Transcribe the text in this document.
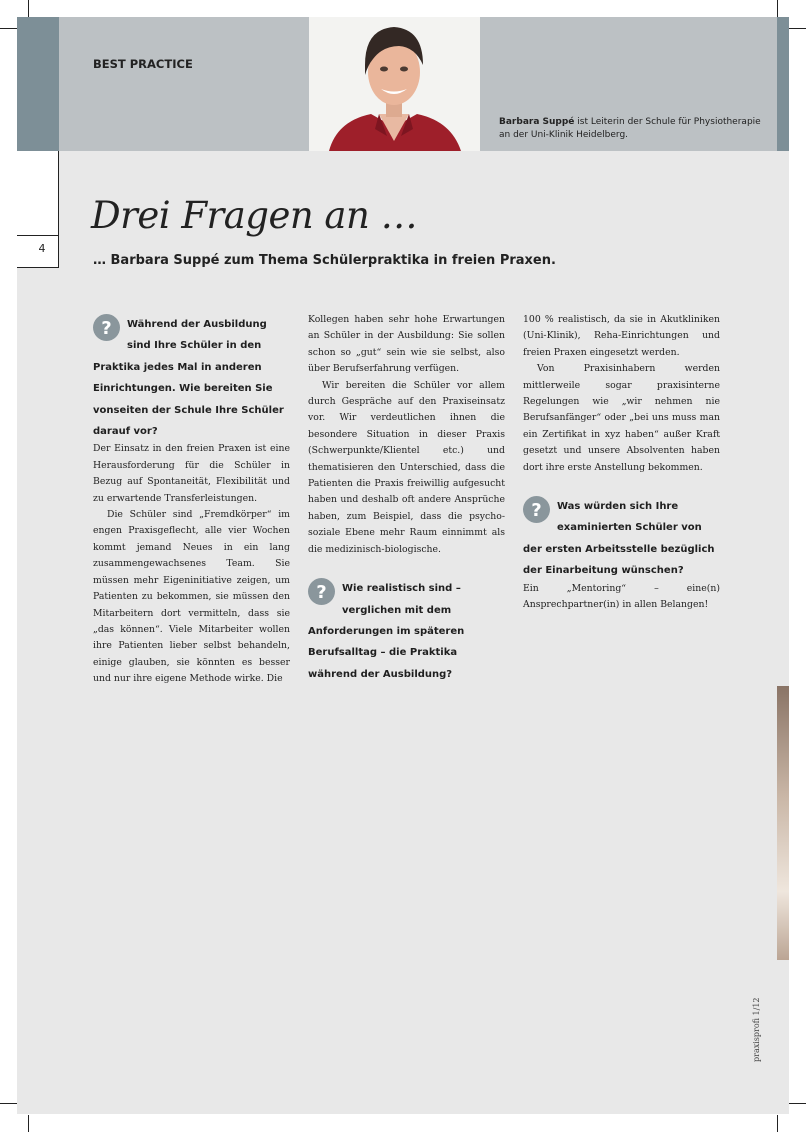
BEST PRACTICE

Barbara Suppé ist Leiterin der Schule für Physiotherapie an der Uni-Klinik Heidelberg.

4
Drei Fragen an …
… Barbara Suppé zum Thema Schülerpraktika in freien Praxen.
? Während der Ausbildung sind Ihre Schüler in den Praktika jedes Mal in anderen Einrichtungen. Wie bereiten Sie vonseiten der Schule Ihre Schüler darauf vor?

Der Einsatz in den freien Praxen ist eine Herausforderung für die Schüler in Bezug auf Spontaneität, Flexibilität und zu erwartende Transferleistungen.

Die Schüler sind „Fremdkörper“ im engen Praxisgeflecht, alle vier Wochen kommt jemand Neues in ein lang zusammengewachsenes Team. Sie müssen mehr Eigeninitiative zeigen, um Patienten zu bekommen, sie müssen den Mitarbeitern dort vermitteln, dass sie „das können“. Viele Mitarbeiter wollen ihre Patienten lieber selbst behandeln, einige glauben, sie könnten es besser und nur ihre eigene Methode wirke. Die

Kollegen haben sehr hohe Erwartungen an Schüler in der Ausbildung: Sie sollen schon so „gut“ sein wie sie selbst, also über Berufserfahrung verfügen.

Wir bereiten die Schüler vor allem durch Gespräche auf den Praxiseinsatz vor. Wir verdeutlichen ihnen die besondere Situation in dieser Praxis (Schwerpunkte/Klientel etc.) und thematisieren den Unterschied, dass die Patienten die Praxis freiwillig aufgesucht haben und deshalb oft andere Ansprüche haben, zum Beispiel, dass die psycho-soziale Ebene mehr Raum einnimmt als die medizinisch-biologische.

? Wie realistisch sind – verglichen mit dem Anforderungen im späteren Berufsalltag – die Praktika während der Ausbildung?

100 % realistisch, da sie in Akutkliniken (Uni-Klinik), Reha-Einrichtungen und freien Praxen eingesetzt werden.

Von Praxisinhabern werden mittlerweile sogar praxisinterne Regelungen wie „wir nehmen nie Berufsanfänger“ oder „bei uns muss man ein Zertifikat in xyz haben“ außer Kraft gesetzt und unsere Absolventen haben dort ihre erste Anstellung bekommen.

? Was würden sich Ihre examinierten Schüler von der ersten Arbeitsstelle bezüglich der Einarbeitung wünschen?

Ein „Mentoring“ – eine(n) Ansprechpartner(in) in allen Belangen!

praxisprofi 1/12
